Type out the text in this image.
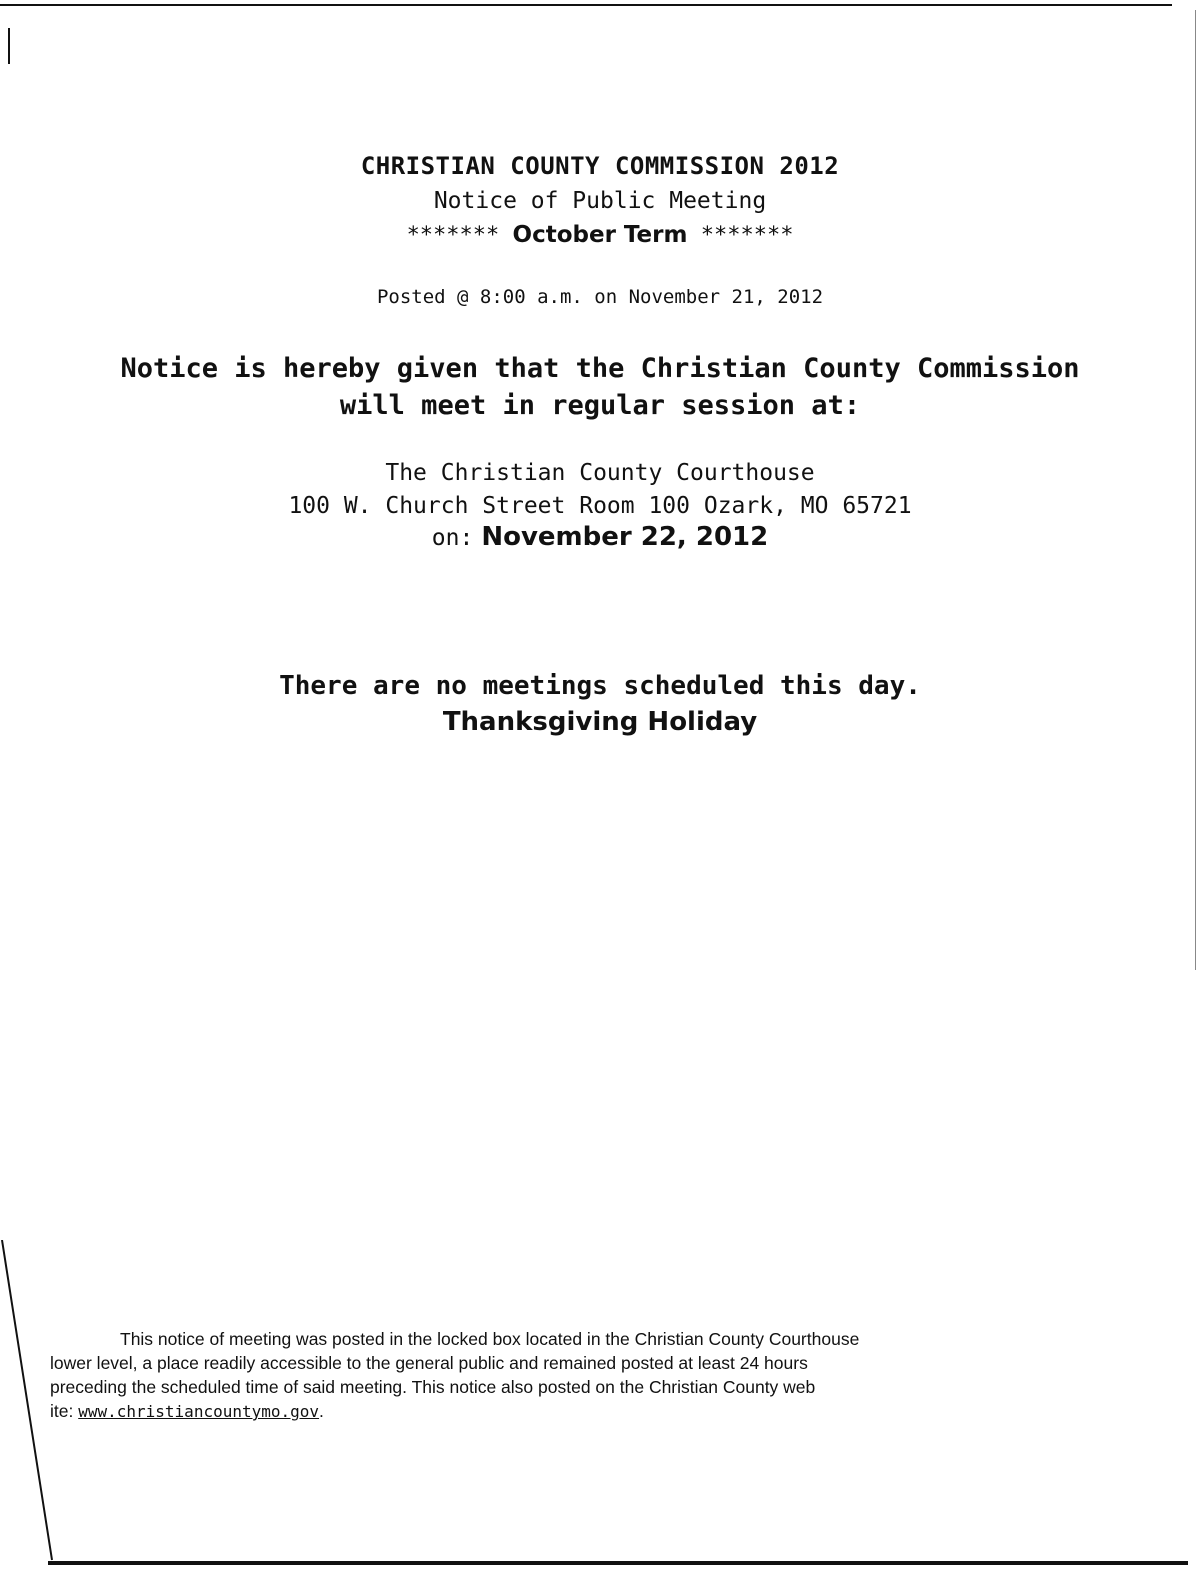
CHRISTIAN COUNTY COMMISSION 2012
Notice of Public Meeting
******* October Term *******
Posted @ 8:00 a.m. on November 21, 2012
Notice is hereby given that the Christian County Commission
will meet in regular session at:
The Christian County Courthouse
100 W. Church Street Room 100 Ozark, MO 65721
on: November 22, 2012
There are no meetings scheduled this day.
Thanksgiving Holiday

This notice of meeting was posted in the locked box located in the Christian County Courthouse

lower level, a place readily accessible to the general public and remained posted at least 24 hours

preceding the scheduled time of said meeting. This notice also posted on the Christian County web

ite: www.christiancountymo.gov.
